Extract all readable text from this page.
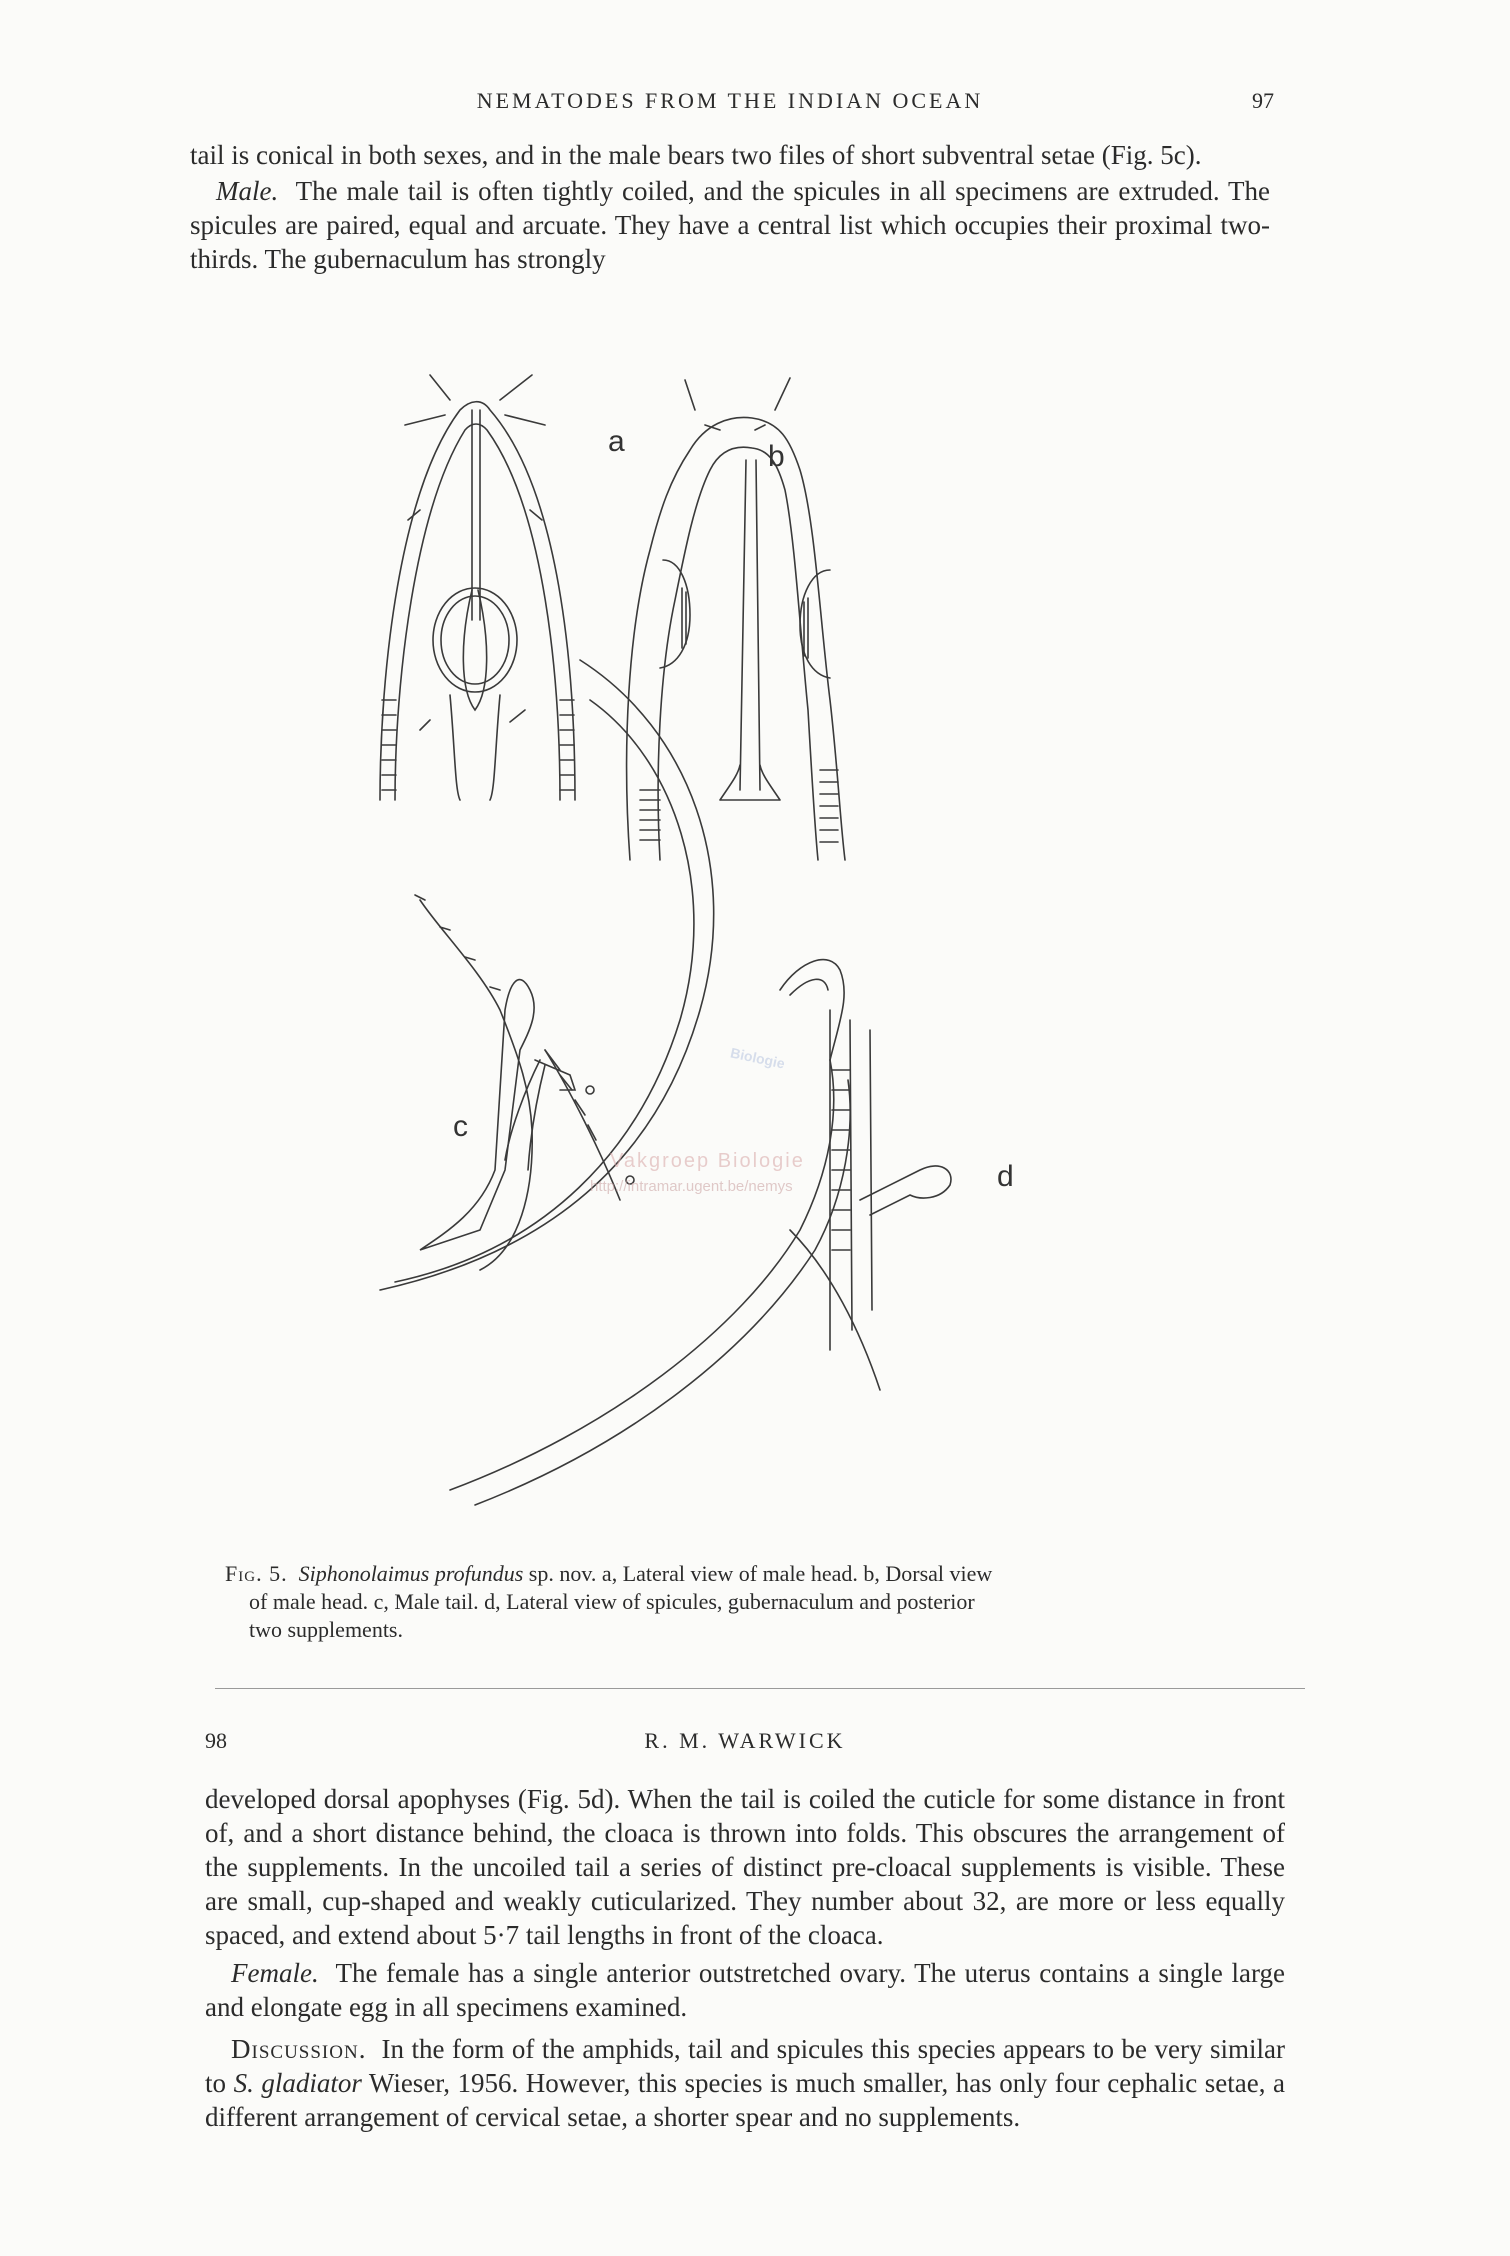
NEMATODES FROM THE INDIAN OCEAN	97

tail is conical in both sexes, and in the male bears two files of short subventral setae (Fig. 5c).

Male. The male tail is often tightly coiled, and the spicules in all specimens are extruded. The spicules are paired, equal and arcuate. They have a central list which occupies their proximal two-thirds. The gubernaculum has strongly

a	b
c
d
Biologie
Vakgroep Biologie
http://intramar.ugent.be/nemys
Fig. 5. Siphonolaimus profundus sp. nov. a, Lateral view of male head. b, Dorsal view
of male head. c, Male tail. d, Lateral view of spicules, gubernaculum and posterior
two supplements.
98	R. M. WARWICK

developed dorsal apophyses (Fig. 5d). When the tail is coiled the cuticle for some distance in front of, and a short distance behind, the cloaca is thrown into folds. This obscures the arrangement of the supplements. In the uncoiled tail a series of distinct pre-cloacal supplements is visible. These are small, cup-shaped and weakly cuticularized. They number about 32, are more or less equally spaced, and extend about 5·7 tail lengths in front of the cloaca.

Female. The female has a single anterior outstretched ovary. The uterus contains a single large and elongate egg in all specimens examined.

Discussion. In the form of the amphids, tail and spicules this species appears to be very similar to S. gladiator Wieser, 1956. However, this species is much smaller, has only four cephalic setae, a different arrangement of cervical setae, a shorter spear and no supplements.
